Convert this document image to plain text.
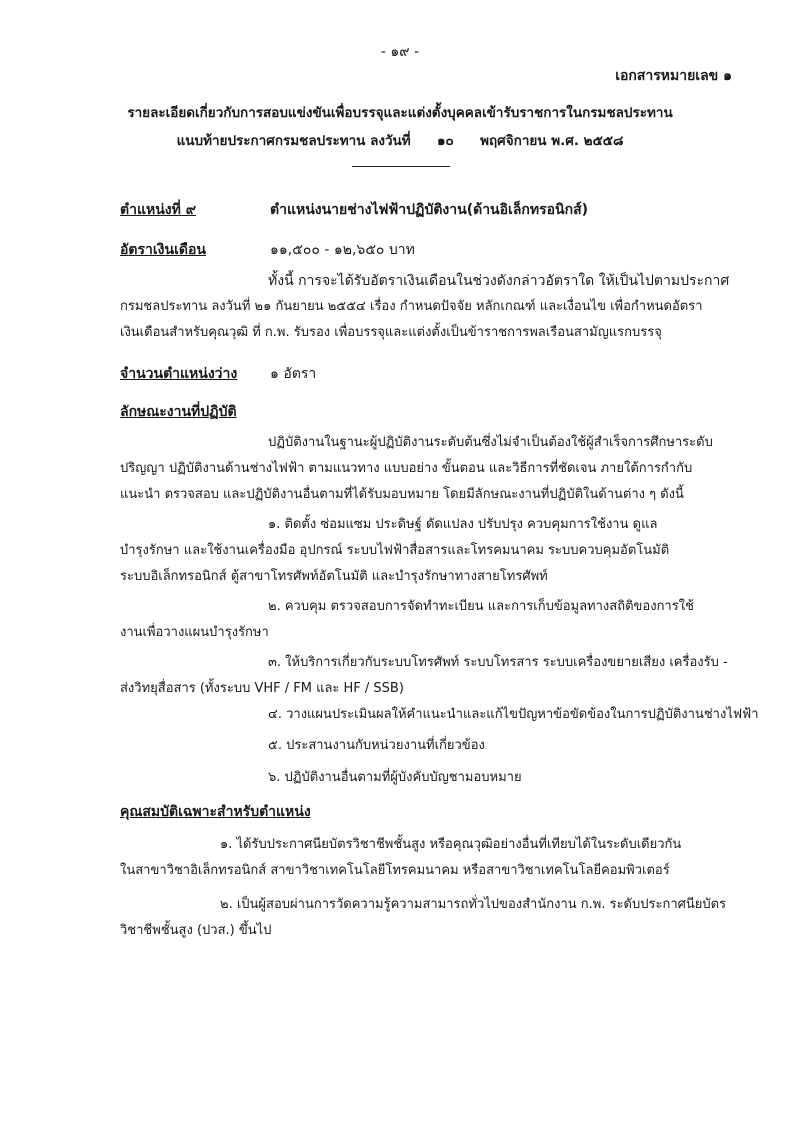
- ๑๙ -
เอกสารหมายเลข ๑
รายละเอียดเกี่ยวกับการสอบแข่งขันเพื่อบรรจุและแต่งตั้งบุคคลเข้ารับราชการในกรมชลประทาน
แนบท้ายประกาศกรมชลประทาน ลงวันที่ ๑๐ พฤศจิกายน พ.ศ. ๒๕๕๘
ตำแหน่งที่ ๙	ตำแหน่งนายช่างไฟฟ้าปฏิบัติงาน(ด้านอิเล็กทรอนิกส์)
อัตราเงินเดือน	๑๑,๕๐๐ - ๑๒,๖๕๐ บาท
ทั้งนี้ การจะได้รับอัตราเงินเดือนในช่วงดังกล่าวอัตราใด ให้เป็นไปตามประกาศ
กรมชลประทาน ลงวันที่ ๒๑ กันยายน ๒๕๕๔ เรื่อง กำหนดปัจจัย หลักเกณฑ์ และเงื่อนไข เพื่อกำหนดอัตรา
เงินเดือนสำหรับคุณวุฒิ ที่ ก.พ. รับรอง เพื่อบรรจุและแต่งตั้งเป็นข้าราชการพลเรือนสามัญแรกบรรจุ
จำนวนตำแหน่งว่าง ๑ อัตรา
ลักษณะงานที่ปฏิบัติ
ปฏิบัติงานในฐานะผู้ปฏิบัติงานระดับต้นซึ่งไม่จำเป็นต้องใช้ผู้สำเร็จการศึกษาระดับ
ปริญญา ปฏิบัติงานด้านช่างไฟฟ้า ตามแนวทาง แบบอย่าง ขั้นตอน และวิธีการที่ชัดเจน ภายใต้การกำกับ
แนะนำ ตรวจสอบ และปฏิบัติงานอื่นตามที่ได้รับมอบหมาย โดยมีลักษณะงานที่ปฏิบัติในด้านต่าง ๆ ดังนี้
๑. ติดตั้ง ซ่อมแซม ประดิษฐ์ ดัดแปลง ปรับปรุง ควบคุมการใช้งาน ดูแล
บำรุงรักษา และใช้งานเครื่องมือ อุปกรณ์ ระบบไฟฟ้าสื่อสารและโทรคมนาคม ระบบควบคุมอัตโนมัติ
ระบบอิเล็กทรอนิกส์ ตู้สาขาโทรศัพท์อัตโนมัติ และบำรุงรักษาทางสายโทรศัพท์
๒. ควบคุม ตรวจสอบการจัดทำทะเบียน และการเก็บข้อมูลทางสถิติของการใช้
งานเพื่อวางแผนบำรุงรักษา
๓. ให้บริการเกี่ยวกับระบบโทรศัพท์ ระบบโทรสาร ระบบเครื่องขยายเสียง เครื่องรับ -
ส่งวิทยุสื่อสาร (ทั้งระบบ VHF / FM และ HF / SSB)
๔. วางแผนประเมินผลให้คำแนะนำและแก้ไขปัญหาข้อขัดข้องในการปฏิบัติงานช่างไฟฟ้า
๕. ประสานงานกับหน่วยงานที่เกี่ยวข้อง
๖. ปฏิบัติงานอื่นตามที่ผู้บังคับบัญชามอบหมาย
คุณสมบัติเฉพาะสำหรับตำแหน่ง
๑. ได้รับประกาศนียบัตรวิชาชีพชั้นสูง หรือคุณวุฒิอย่างอื่นที่เทียบได้ในระดับเดียวกัน
ในสาขาวิชาอิเล็กทรอนิกส์ สาขาวิชาเทคโนโลยีโทรคมนาคม หรือสาขาวิชาเทคโนโลยีคอมพิวเตอร์
๒. เป็นผู้สอบผ่านการวัดความรู้ความสามารถทั่วไปของสำนักงาน ก.พ. ระดับประกาศนียบัตร
วิชาชีพชั้นสูง (ปวส.) ขึ้นไป
